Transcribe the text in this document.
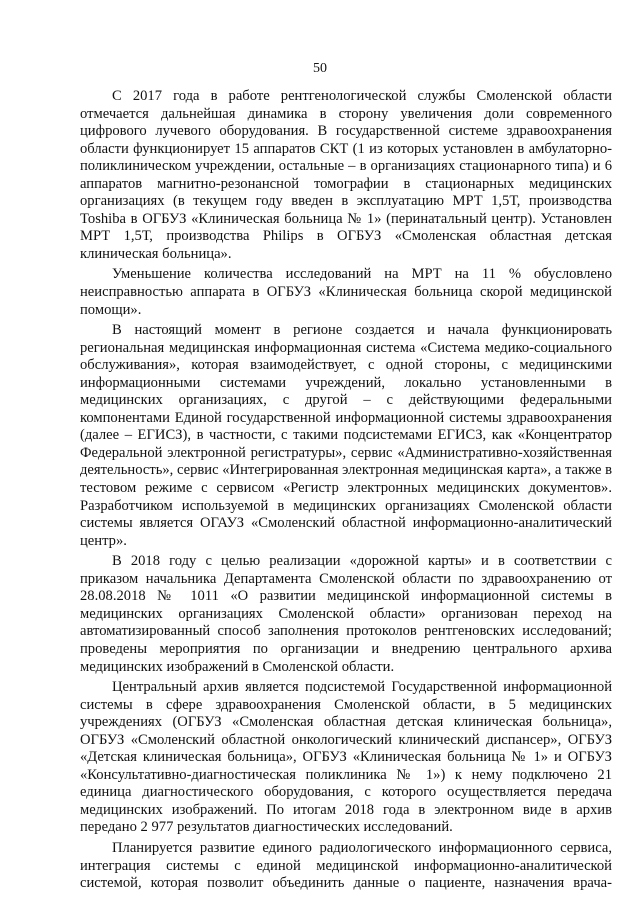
50

С 2017 года в работе рентгенологической службы Смоленской области отмечается дальнейшая динамика в сторону увеличения доли современного цифрового лучевого оборудования. В государственной системе здравоохранения области функционирует 15 аппаратов СКТ (1 из которых установлен в амбулаторно-поликлиническом учреждении, остальные – в организациях стационарного типа) и 6 аппаратов магнитно-резонансной томографии в стационарных медицинских организациях (в текущем году введен в эксплуатацию МРТ 1,5Т, производства Toshiba в ОГБУЗ «Клиническая больница № 1» (перинатальный центр). Установлен МРТ 1,5Т, производства Philips в ОГБУЗ «Смоленская областная детская клиническая больница».

Уменьшение количества исследований на МРТ на 11 % обусловлено неисправностью аппарата в ОГБУЗ «Клиническая больница скорой медицинской помощи».

В настоящий момент в регионе создается и начала функционировать региональная медицинская информационная система «Система медико-социального обслуживания», которая взаимодействует, с одной стороны, с медицинскими информационными системами учреждений, локально установленными в медицинских организациях, с другой – с действующими федеральными компонентами Единой государственной информационной системы здравоохранения (далее – ЕГИСЗ), в частности, с такими подсистемами ЕГИСЗ, как «Концентратор Федеральной электронной регистратуры», сервис «Административно-хозяйственная деятельность», сервис «Интегрированная электронная медицинская карта», а также в тестовом режиме с сервисом «Регистр электронных медицинских документов». Разработчиком используемой в медицинских организациях Смоленской области системы является ОГАУЗ «Смоленский областной информационно-аналитический центр».

В 2018 году с целью реализации «дорожной карты» и в соответствии с приказом начальника Департамента Смоленской области по здравоохранению от 28.08.2018 № 1011 «О развитии медицинской информационной системы в медицинских организациях Смоленской области» организован переход на автоматизированный способ заполнения протоколов рентгеновских исследований; проведены мероприятия по организации и внедрению центрального архива медицинских изображений в Смоленской области.

Центральный архив является подсистемой Государственной информационной системы в сфере здравоохранения Смоленской области, в 5 медицинских учреждениях (ОГБУЗ «Смоленская областная детская клиническая больница», ОГБУЗ «Смоленский областной онкологический клинический диспансер», ОГБУЗ «Детская клиническая больница», ОГБУЗ «Клиническая больница № 1» и ОГБУЗ «Консультативно-диагностическая поликлиника № 1») к нему подключено 21 единица диагностического оборудования, с которого осуществляется передача медицинских изображений. По итогам 2018 года в электронном виде в архив передано 2 977 результатов диагностических исследований.

Планируется развитие единого радиологического информационного сервиса, интеграция системы с единой медицинской информационно-аналитической системой, которая позволит объединить данные о пациенте, назначения врача-
